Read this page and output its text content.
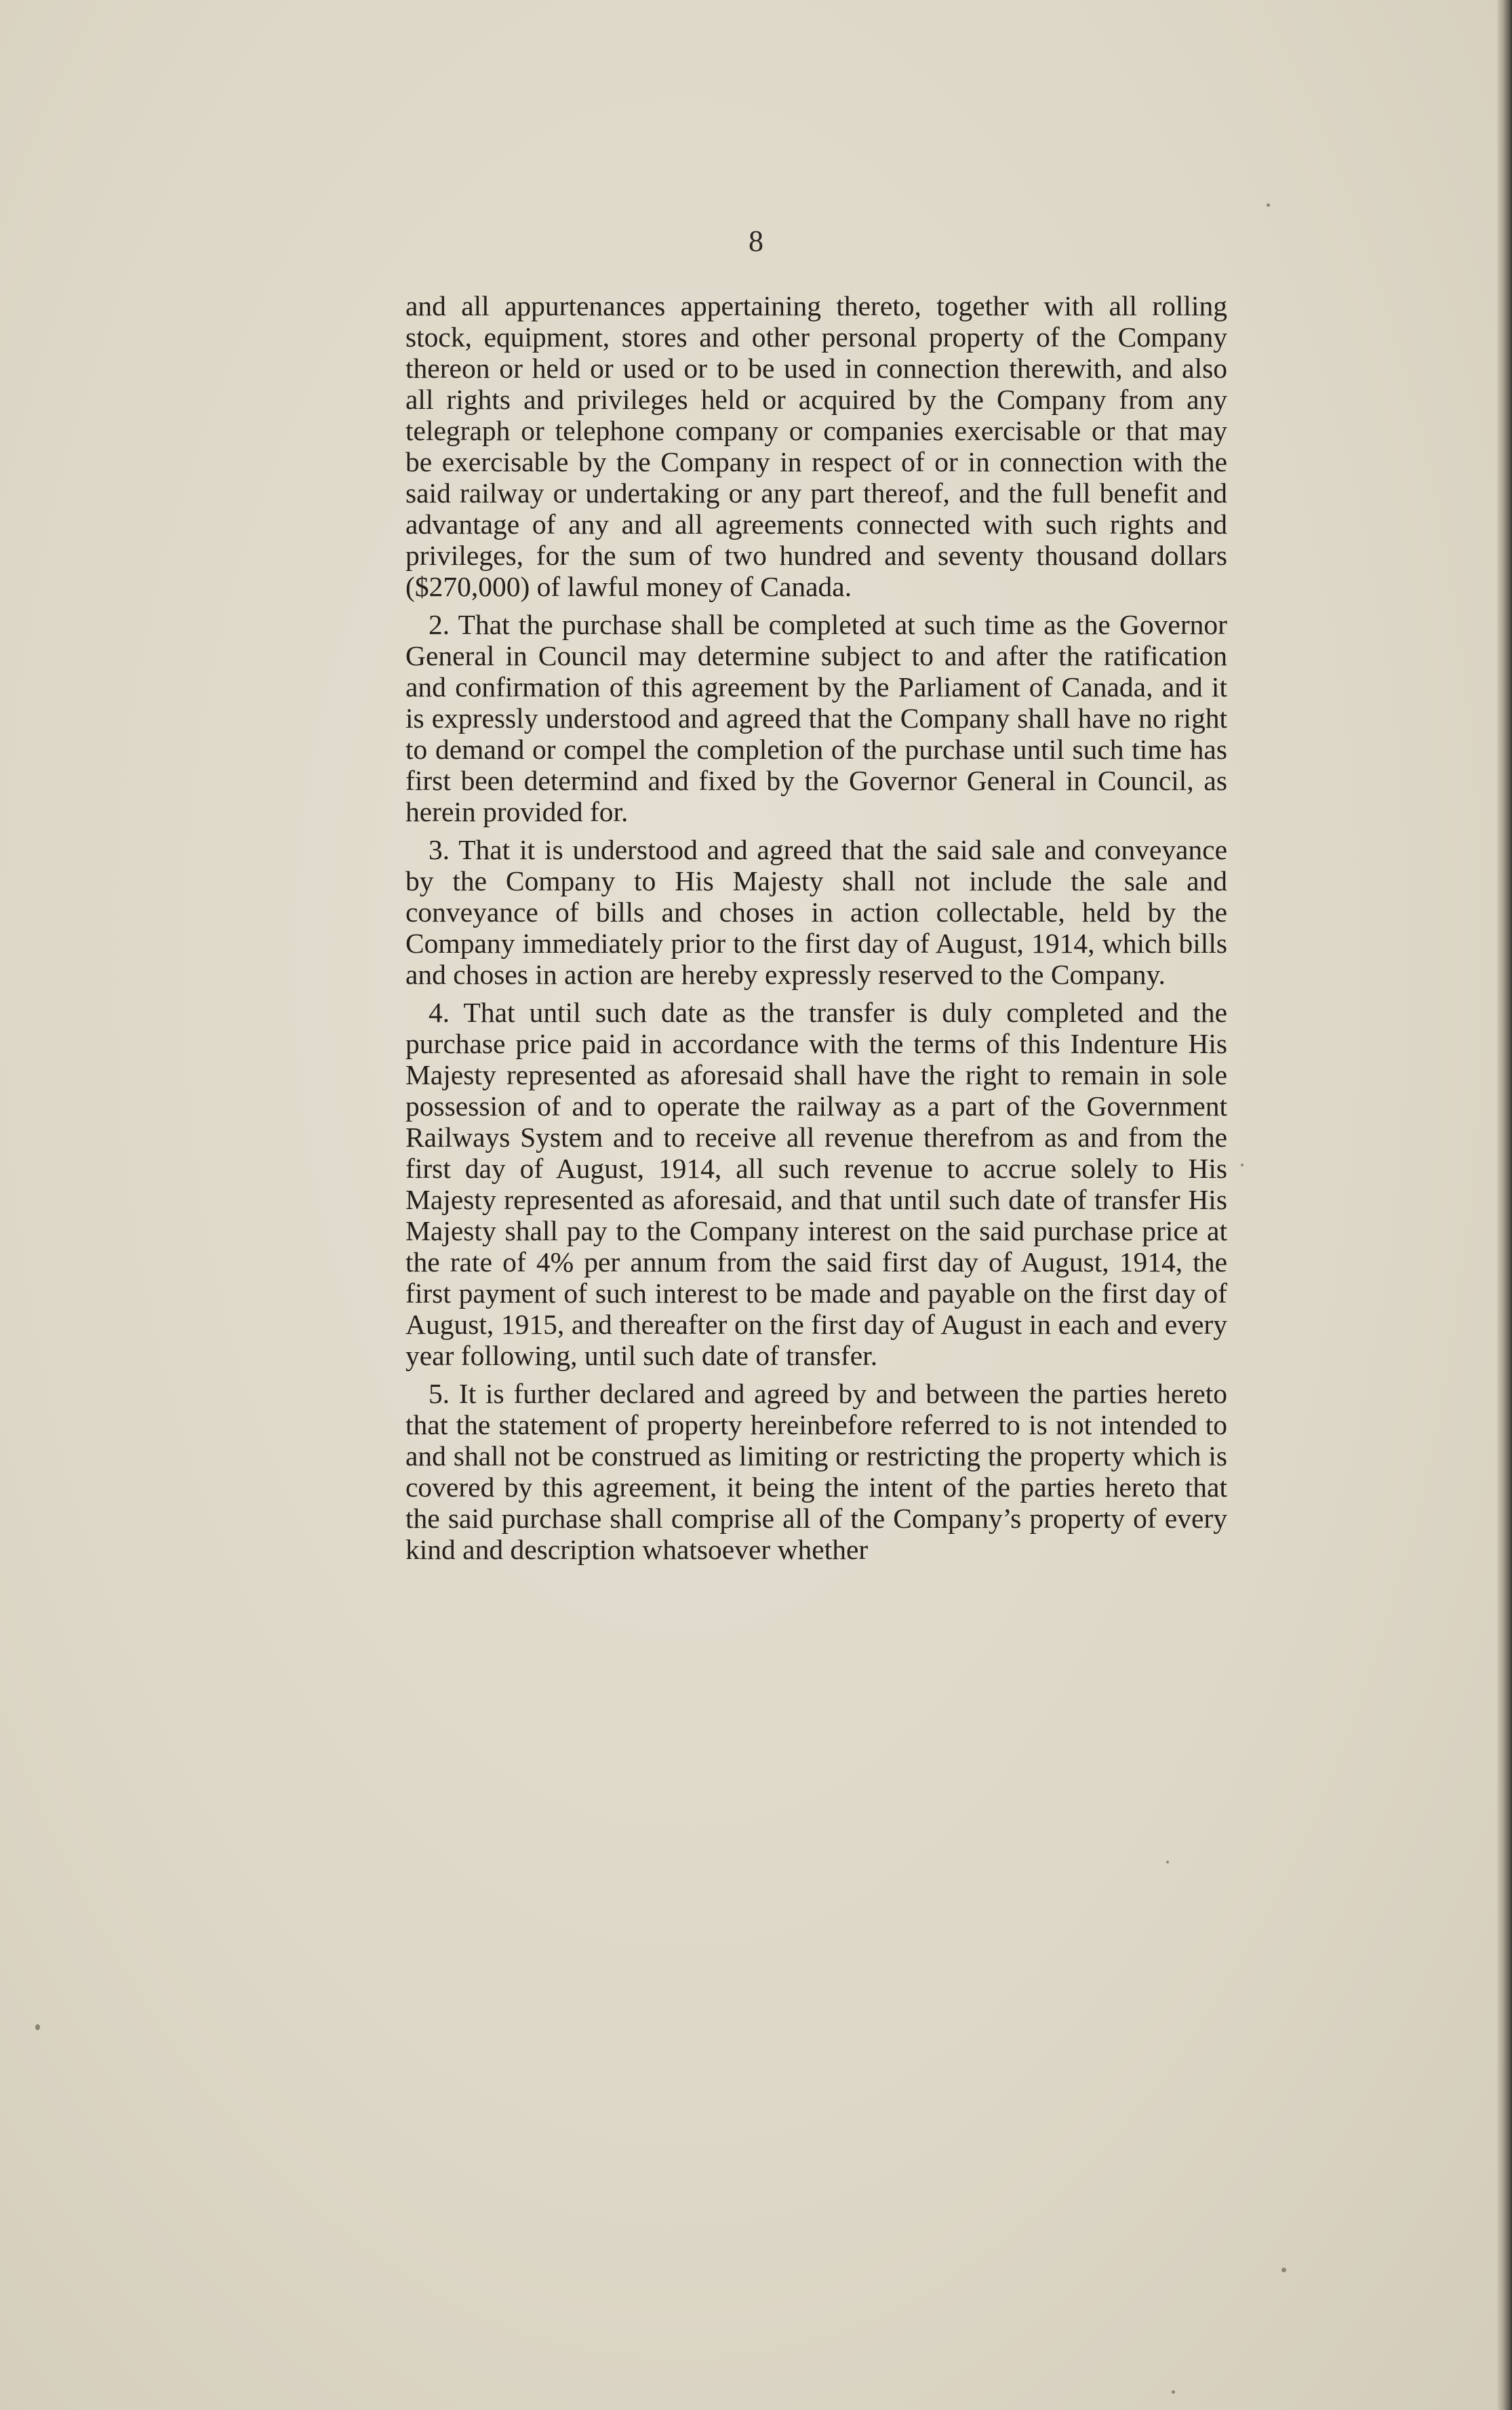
8

and all appurtenances appertaining thereto, together with all rolling stock, equipment, stores and other personal property of the Company thereon or held or used or to be used in connection therewith, and also all rights and privileges held or acquired by the Company from any telegraph or telephone company or companies exercisable or that may be exercisable by the Company in respect of or in connection with the said railway or undertaking or any part thereof, and the full benefit and advantage of any and all agreements connected with such rights and privileges, for the sum of two hundred and seventy thousand dollars ($270,000) of lawful money of Canada.

2. That the purchase shall be completed at such time as the Governor General in Council may determine subject to and after the ratification and confirmation of this agreement by the Parliament of Canada, and it is expressly understood and agreed that the Company shall have no right to demand or compel the completion of the purchase until such time has first been determind and fixed by the Governor General in Council, as herein provided for.

3. That it is understood and agreed that the said sale and conveyance by the Company to His Majesty shall not include the sale and conveyance of bills and choses in action collectable, held by the Company immediately prior to the first day of August, 1914, which bills and choses in action are hereby expressly reserved to the Company.

4. That until such date as the transfer is duly completed and the purchase price paid in accordance with the terms of this Indenture His Majesty represented as aforesaid shall have the right to remain in sole possession of and to operate the railway as a part of the Government Railways System and to receive all revenue therefrom as and from the first day of August, 1914, all such revenue to accrue solely to His Majesty represented as aforesaid, and that until such date of transfer His Majesty shall pay to the Company interest on the said purchase price at the rate of 4% per annum from the said first day of August, 1914, the first payment of such interest to be made and payable on the first day of August, 1915, and thereafter on the first day of August in each and every year following, until such date of transfer.

5. It is further declared and agreed by and between the parties hereto that the statement of property hereinbefore referred to is not intended to and shall not be construed as limiting or restricting the property which is covered by this agreement, it being the intent of the parties hereto that the said purchase shall comprise all of the Company’s property of every kind and description whatsoever whether
